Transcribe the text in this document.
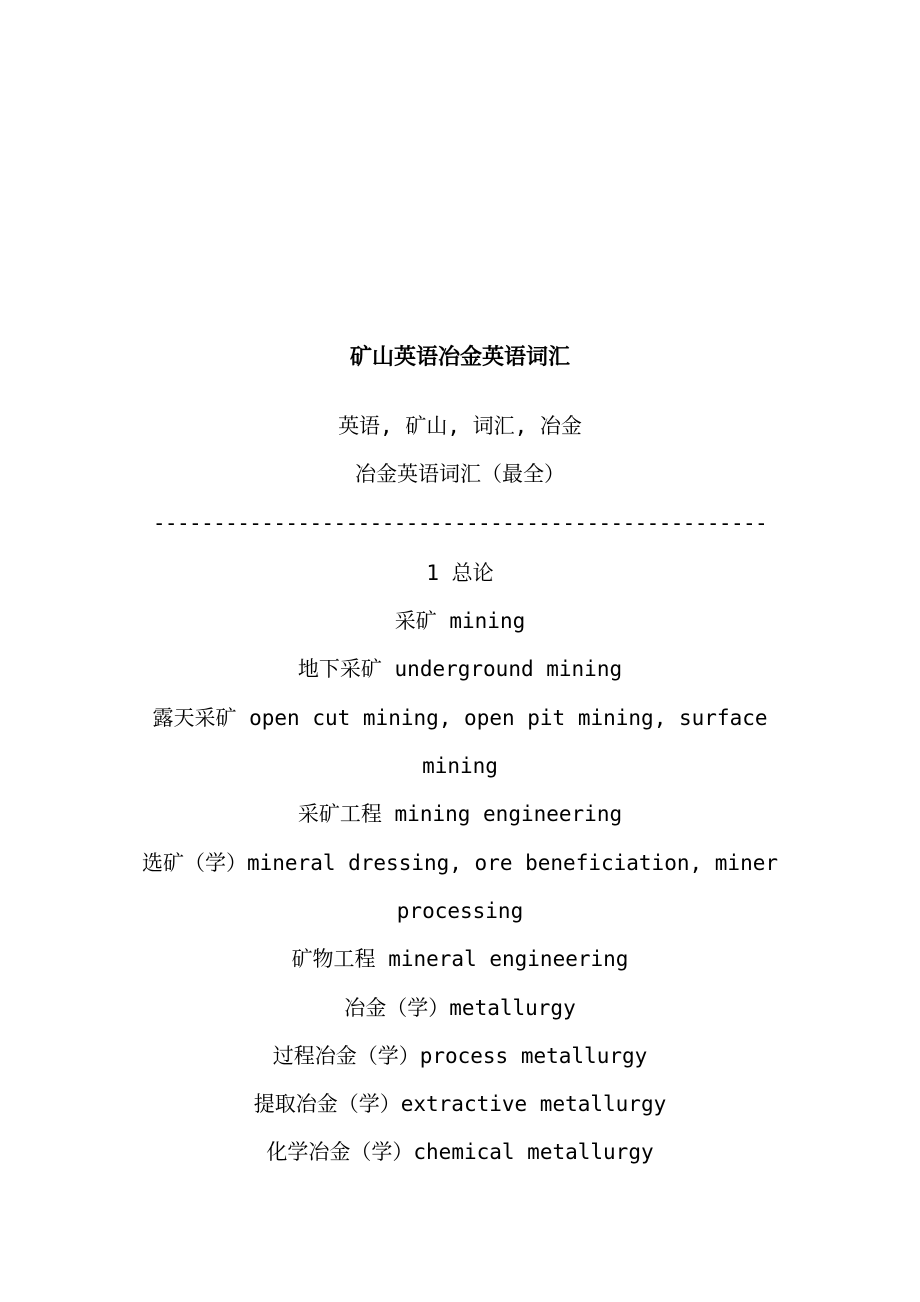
矿山英语冶金英语词汇

英语, 矿山, 词汇, 冶金

冶金英语词汇（最全）

---------------------------------------------------

1 总论

采矿 mining

地下采矿 underground mining

露天采矿 open cut mining, open pit mining, surface mining

采矿工程 mining engineering

选矿（学）mineral dressing, ore beneficiation, miner processing

矿物工程 mineral engineering

冶金（学）metallurgy

过程冶金（学）process metallurgy

提取冶金（学）extractive metallurgy

化学冶金（学）chemical metallurgy
